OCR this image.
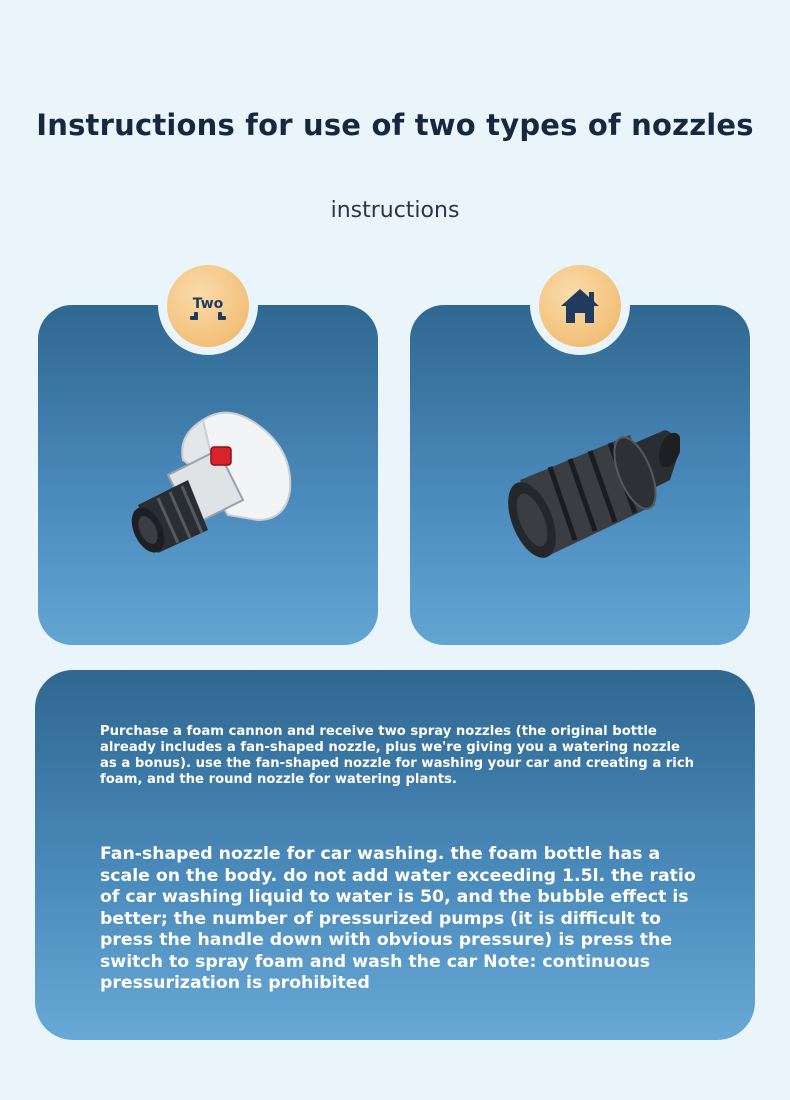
Instructions for use of two types of nozzles
instructions
Two
Purchase a foam cannon and receive two spray nozzles (the original bottle already includes a fan-shaped nozzle, plus we're giving you a watering nozzle as a bonus). use the fan-shaped nozzle for washing your car and creating a rich foam, and the round nozzle for watering plants.
Fan-shaped nozzle for car washing. the foam bottle has a scale on the body. do not add water exceeding 1.5l. the ratio of car washing liquid to water is 50, and the bubble effect is better; the number of pressurized pumps (it is difficult to press the handle down with obvious pressure) is press the switch to spray foam and wash the car Note: continuous pressurization is prohibited
